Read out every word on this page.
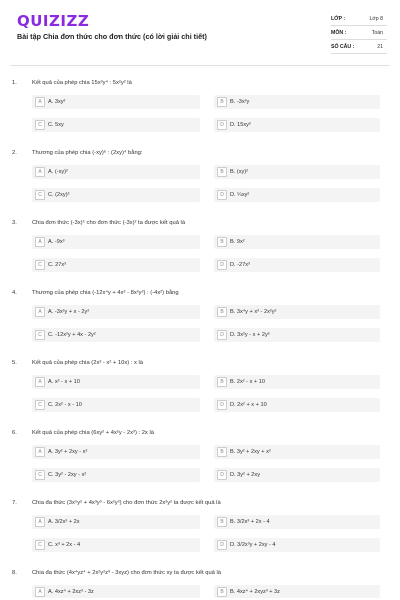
QUIZIZZ
Bài tập Chia đơn thức cho đơn thức (có lời giải chi tiết)
LỚP :	Lớp 8
MÔN :	Toán
SỐ CÂU :	21
1.	Kết quả của phép chia 15x³y⁴ : 5x²y² là
A	A. 3xy²	B	B. -3x²y
C	C. 5xy	D	D. 15xy²
2.	Thương của phép chia (-xy)⁶ : (2xy)⁴ bằng:
A	A. (-xy)²	B	B. (xy)²
C	C. (2xy)²	D	D. ¼xy²
3.	Chia đơn thức (-3x)⁵ cho đơn thức (-3x)² ta được kết quả là
A	A. -9x³	B	B. 9x²
C	C. 27x³	D	D. -27x³
4.	Thương của phép chia (-12x⁴y + 4x³ - 8x²y²) : (-4x²) bằng
A	A. -3x²y + x - 2y²	B	B. 3x⁴y + x³ - 2x²y²
C	C. -12x²y + 4x - 2y²	D	D. 3x²y - x + 2y²
5.	Kết quả của phép chia (2x³ - x² + 10x) : x là
A	A. x² - x + 10	B	B. 2x² - x + 10
C	C. 2x² - x - 10	D	D. 2x² + x + 10
6.	Kết quả của phép chia (6xy² + 4x²y - 2x³) : 2x là
A	A. 3y² + 2xy - x²	B	B. 3y² + 2xy + x²
C	C. 3y² - 2xy - x²	D	D. 3y² + 2xy
7.	Chia đa thức (3x⁵y² + 4x³y³ - 6x²y²) cho đơn thức 2x²y² ta được kết quả là
A	A. 3/2x³ + 2x	B	B. 3/2x³ + 2x - 4
C	C. x³ + 2x - 4	D	D. 3/2x³y + 2xy - 4
8.	Chia đa thức (4x⁴yz⁴ + 2x²y²z³ - 3xyz) cho đơn thức xy ta được kết quả là
A	A. 4xz⁴ + 2xz³ - 3z	B	B. 4xz⁴ + 2xyz³ + 3z
